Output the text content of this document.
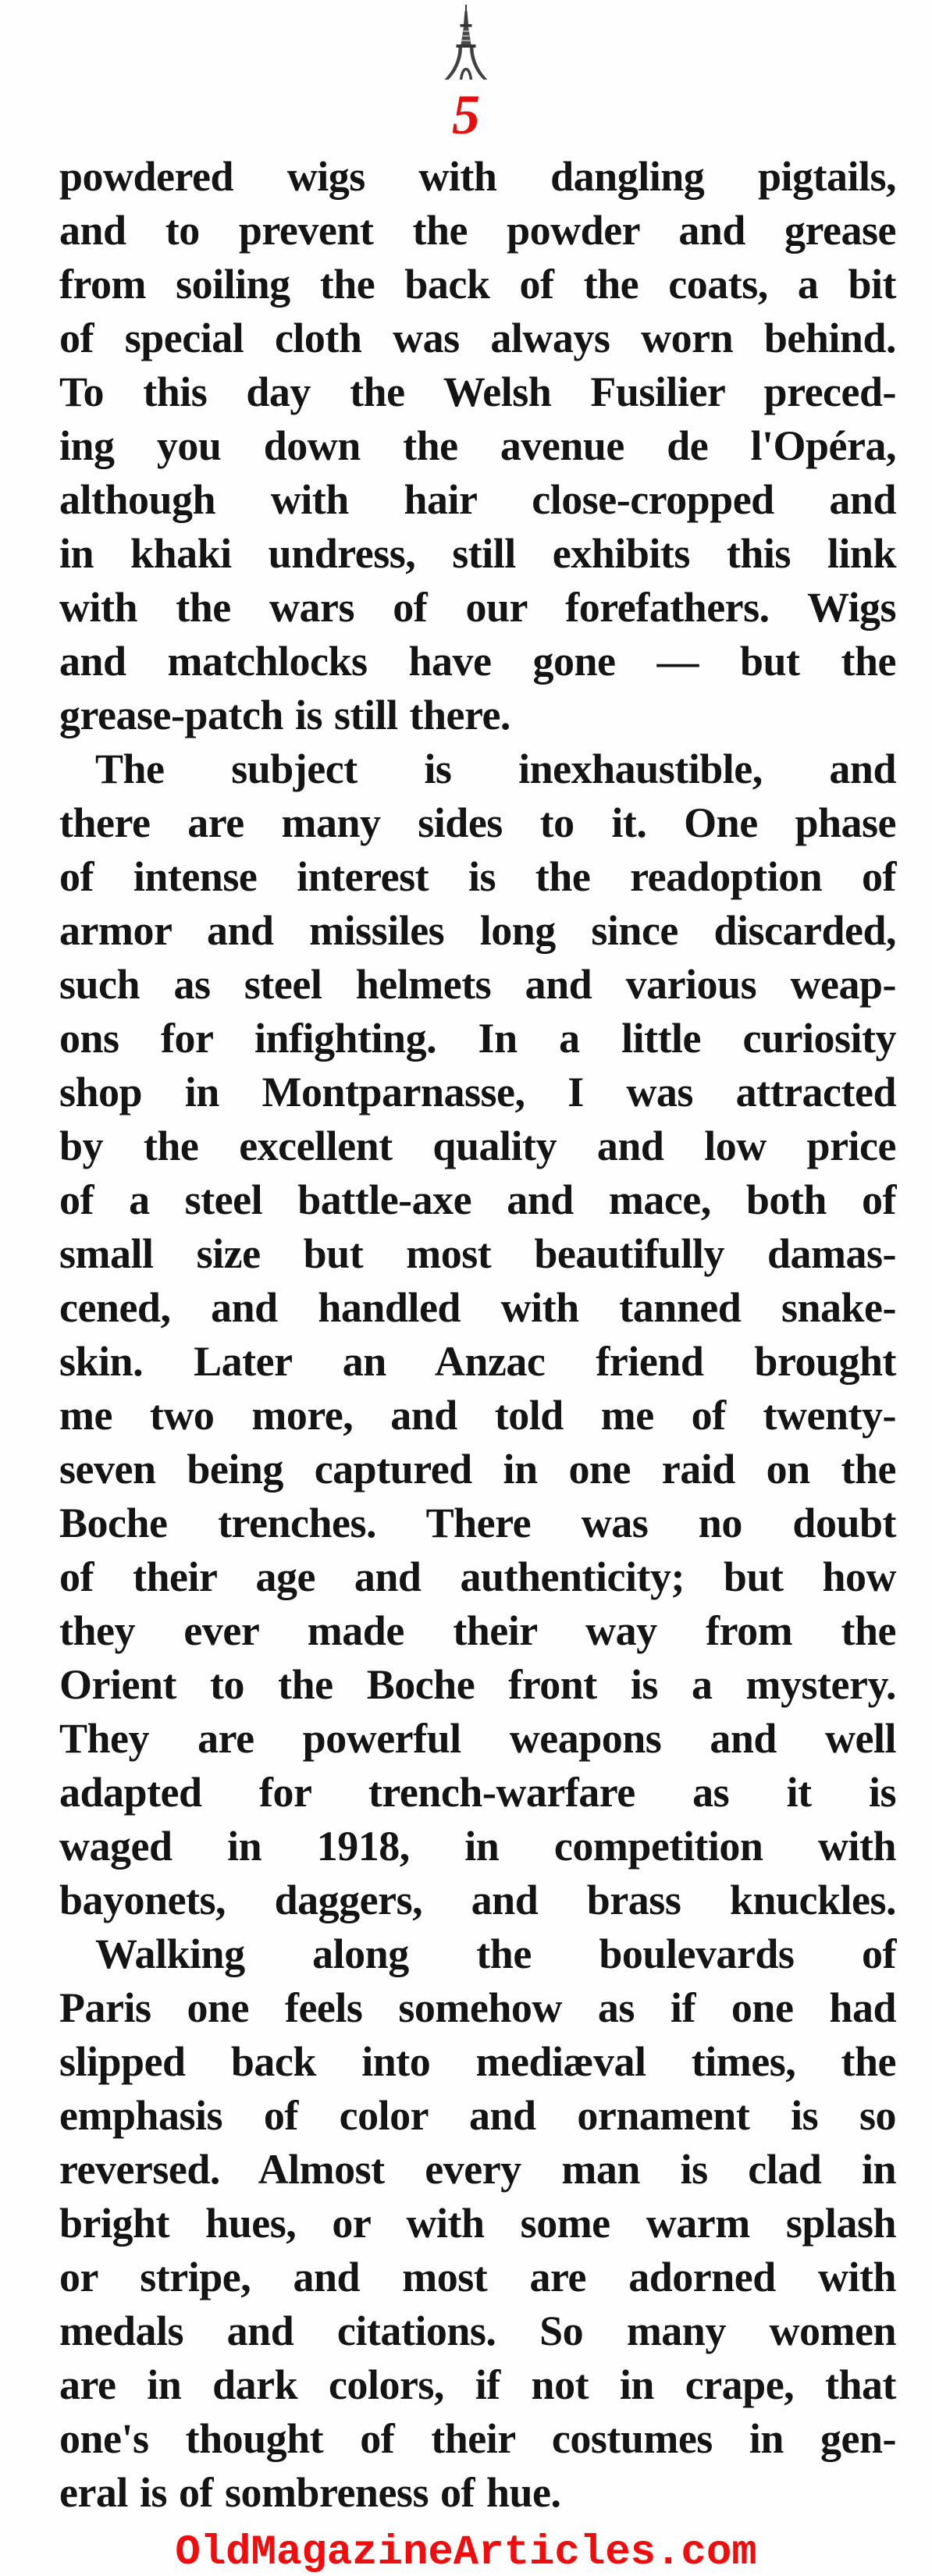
5
powdered wigs with dangling pigtails,
and to prevent the powder and grease
from soiling the back of the coats, a bit
of special cloth was always worn behind.
To this day the Welsh Fusilier preced-
ing you down the avenue de l'Opéra,
although with hair close-cropped and
in khaki undress, still exhibits this link
with the wars of our forefathers. Wigs
and matchlocks have gone — but the
grease-patch is still there.
The subject is inexhaustible, and
there are many sides to it. One phase
of intense interest is the readoption of
armor and missiles long since discarded,
such as steel helmets and various weap-
ons for infighting. In a little curiosity
shop in Montparnasse, I was attracted
by the excellent quality and low price
of a steel battle-axe and mace, both of
small size but most beautifully damas-
cened, and handled with tanned snake-
skin. Later an Anzac friend brought
me two more, and told me of twenty-
seven being captured in one raid on the
Boche trenches. There was no doubt
of their age and authenticity; but how
they ever made their way from the
Orient to the Boche front is a mystery.
They are powerful weapons and well
adapted for trench-warfare as it is
waged in 1918, in competition with
bayonets, daggers, and brass knuckles.
Walking along the boulevards of
Paris one feels somehow as if one had
slipped back into mediæval times, the
emphasis of color and ornament is so
reversed. Almost every man is clad in
bright hues, or with some warm splash
or stripe, and most are adorned with
medals and citations. So many women
are in dark colors, if not in crape, that
one's thought of their costumes in gen-
eral is of sombreness of hue.
OldMagazineArticles.com
